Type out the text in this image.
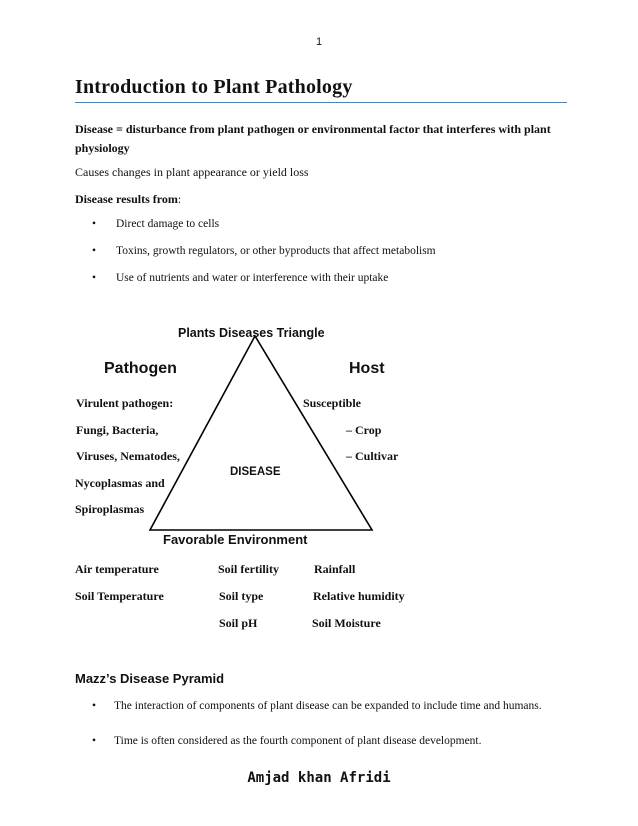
1
Introduction to Plant Pathology
Disease = disturbance from plant pathogen or environmental factor that interferes with plant physiology
Causes changes in plant appearance or yield loss
Disease results from:
• Direct damage to cells
• Toxins, growth regulators, or other byproducts that affect metabolism
• Use of nutrients and water or interference with their uptake
Plants Diseases Triangle
Pathogen	Host
Virulent pathogen:
Fungi, Bacteria,
Viruses, Nematodes,
Nycoplasmas and
Spiroplasmas
Susceptible
– Crop
– Cultivar
DISEASE
Favorable Environment
Air temperature
Soil Temperature
Soil fertility
Soil type
Soil pH
Rainfall
Relative humidity
Soil Moisture
Mazz’s Disease Pyramid
• The interaction of components of plant disease can be expanded to include time and humans.
• Time is often considered as the fourth component of plant disease development.
Amjad khan Afridi
